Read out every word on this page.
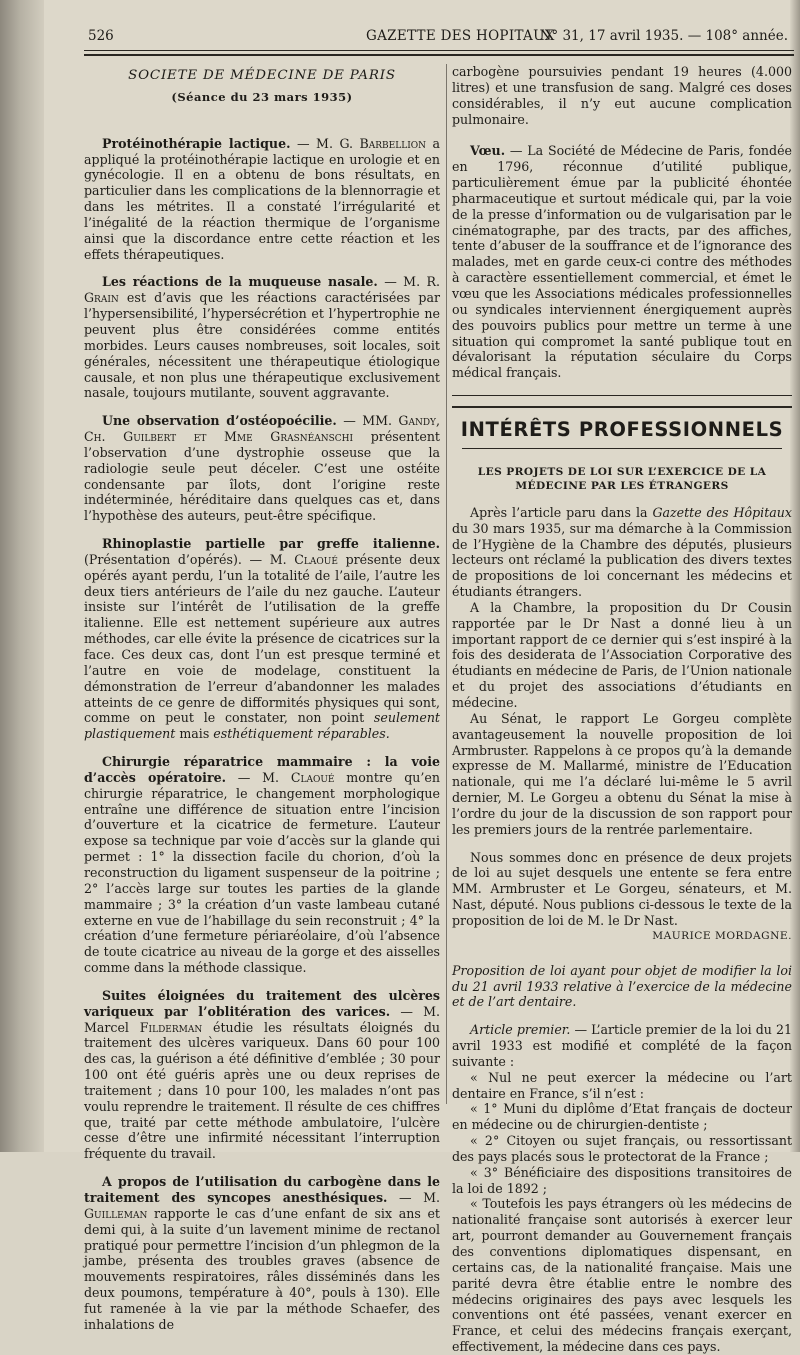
526	GAZETTE DES HOPITAUX
N° 31, 17 avril 1935. — 108° année.
SOCIETE DE MÉDECINE DE PARIS
(Séance du 23 mars 1935)

Protéinothérapie lactique. — M. G. Barbellion a appliqué la protéinothérapie lactique en urologie et en gynécologie. Il en a obtenu de bons résultats, en particulier dans les complications de la blennorragie et dans les métrites. Il a constaté l’irrégularité et l’inégalité de la réaction thermique de l’organisme ainsi que la discordance entre cette réaction et les effets thérapeutiques.

Les réactions de la muqueuse nasale. — M. R. Grain est d’avis que les réactions caractérisées par l’hypersensibilité, l’hypersécrétion et l’hypertrophie ne peuvent plus être considérées comme entités morbides. Leurs causes nombreuses, soit locales, soit générales, nécessitent une thérapeutique étiologique causale, et non plus une thérapeutique exclusivement nasale, toujours mutilante, souvent aggravante.

Une observation d’ostéopoécilie. — MM. Gandy, Ch. Guilbert et Mme Grasnéanschi présentent l’observation d’une dystrophie osseuse que la radiologie seule peut déceler. C’est une ostéite condensante par îlots, dont l’origine reste indéterminée, héréditaire dans quelques cas et, dans l’hypothèse des auteurs, peut-être spécifique.

Rhinoplastie partielle par greffe italienne. (Présentation d’opérés). — M. Claoué présente deux opérés ayant perdu, l’un la totalité de l’aile, l’autre les deux tiers antérieurs de l’aile du nez gauche. L’auteur insiste sur l’intérêt de l’utilisation de la greffe italienne. Elle est nettement supérieure aux autres méthodes, car elle évite la présence de cicatrices sur la face. Ces deux cas, dont l’un est presque terminé et l’autre en voie de modelage, constituent la démonstration de l’erreur d’abandonner les malades atteints de ce genre de difformités physiques qui sont, comme on peut le constater, non point seulement plastiquement mais esthétiquement réparables.

Chirurgie réparatrice mammaire : la voie d’accès opératoire. — M. Claoué montre qu’en chirurgie réparatrice, le changement morphologique entraîne une différence de situation entre l’incision d’ouverture et la cicatrice de fermeture. L’auteur expose sa technique par voie d’accès sur la glande qui permet : 1° la dissection facile du chorion, d’où la reconstruction du ligament suspenseur de la poitrine ; 2° l’accès large sur toutes les parties de la glande mammaire ; 3° la création d’un vaste lambeau cutané externe en vue de l’habillage du sein reconstruit ; 4° la création d’une fermeture périaréolaire, d’où l’absence de toute cicatrice au niveau de la gorge et des aisselles comme dans la méthode classique.

Suites éloignées du traitement des ulcères variqueux par l’oblitération des varices. — M. Marcel Filderman étudie les résultats éloignés du traitement des ulcères variqueux. Dans 60 pour 100 des cas, la guérison a été définitive d’emblée ; 30 pour 100 ont été guéris après une ou deux reprises de traitement ; dans 10 pour 100, les malades n’ont pas voulu reprendre le traitement. Il résulte de ces chiffres que, traité par cette méthode ambulatoire, l’ulcère cesse d’être une infirmité nécessitant l’interruption fréquente du travail.

A propos de l’utilisation du carbogène dans le traitement des syncopes anesthésiques. — M. Guilleman rapporte le cas d’une enfant de six ans et demi qui, à la suite d’un lavement minime de rectanol pratiqué pour permettre l’incision d’un phlegmon de la jambe, présenta des troubles graves (absence de mouvements respiratoires, râles disséminés dans les deux poumons, température à 40°, pouls à 130). Elle fut ramenée à la vie par la méthode Schaefer, des inhalations de

carbogène poursuivies pendant 19 heures (4.000 litres) et une transfusion de sang. Malgré ces doses considérables, il n’y eut aucune complication pulmonaire.

Vœu. — La Société de Médecine de Paris, fondée en 1796, réconnue d’utilité publique, particulièrement émue par la publicité éhontée pharmaceutique et surtout médicale qui, par la voie de la presse d’information ou de vulgarisation par le cinématographe, par des tracts, par des affiches, tente d’abuser de la souffrance et de l’ignorance des malades, met en garde ceux-ci contre des méthodes à caractère essentiellement commercial, et émet le vœu que les Associations médicales professionnelles ou syndicales interviennent énergiquement auprès des pouvoirs publics pour mettre un terme à une situation qui compromet la santé publique tout en dévalorisant la réputation séculaire du Corps médical français.

INTÉRÊTS PROFESSIONNELS
LES PROJETS DE LOI SUR L’EXERCICE DE LA MÉDECINE PAR LES ÉTRANGERS

Après l’article paru dans la Gazette des Hôpitaux du 30 mars 1935, sur ma démarche à la Commission de l’Hygiène de la Chambre des députés, plusieurs lecteurs ont réclamé la publication des divers textes de propositions de loi concernant les médecins et étudiants étrangers.

A la Chambre, la proposition du Dr Cousin rapportée par le Dr Nast a donné lieu à un important rapport de ce dernier qui s’est inspiré à la fois des desiderata de l’Association Corporative des étudiants en médecine de Paris, de l’Union nationale et du projet des associations d’étudiants en médecine.

Au Sénat, le rapport Le Gorgeu complète avantageusement la nouvelle proposition de loi Armbruster. Rappelons à ce propos qu’à la demande expresse de M. Mallarmé, ministre de l’Education nationale, qui me l’a déclaré lui-même le 5 avril dernier, M. Le Gorgeu a obtenu du Sénat la mise à l’ordre du jour de la discussion de son rapport pour les premiers jours de la rentrée parlementaire.

Nous sommes donc en présence de deux projets de loi au sujet desquels une entente se fera entre MM. Armbruster et Le Gorgeu, sénateurs, et M. Nast, député. Nous publions ci-dessous le texte de la proposition de loi de M. le Dr Nast.

MAURICE MORDAGNE.

Proposition de loi ayant pour objet de modifier la loi du 21 avril 1933 relative à l’exercice de la médecine et de l’art dentaire.

Article premier. — L’article premier de la loi du 21 avril 1933 est modifié et complété de la façon suivante :

« Nul ne peut exercer la médecine ou l’art dentaire en France, s’il n’est :

« 1° Muni du diplôme d’Etat français de docteur en médecine ou de chirurgien-dentiste ;

« 2° Citoyen ou sujet français, ou ressortissant des pays placés sous le protectorat de la France ;

« 3° Bénéficiaire des dispositions transitoires de la loi de 1892 ;

« Toutefois les pays étrangers où les médecins de nationalité française sont autorisés à exercer leur art, pourront demander au Gouvernement français des conventions diplomatiques dispensant, en certains cas, de la nationalité française. Mais une parité devra être établie entre le nombre des médecins originaires des pays avec lesquels les conventions ont été passées, venant exercer en France, et celui des médecins français exerçant, effectivement, la médecine dans ces pays.
